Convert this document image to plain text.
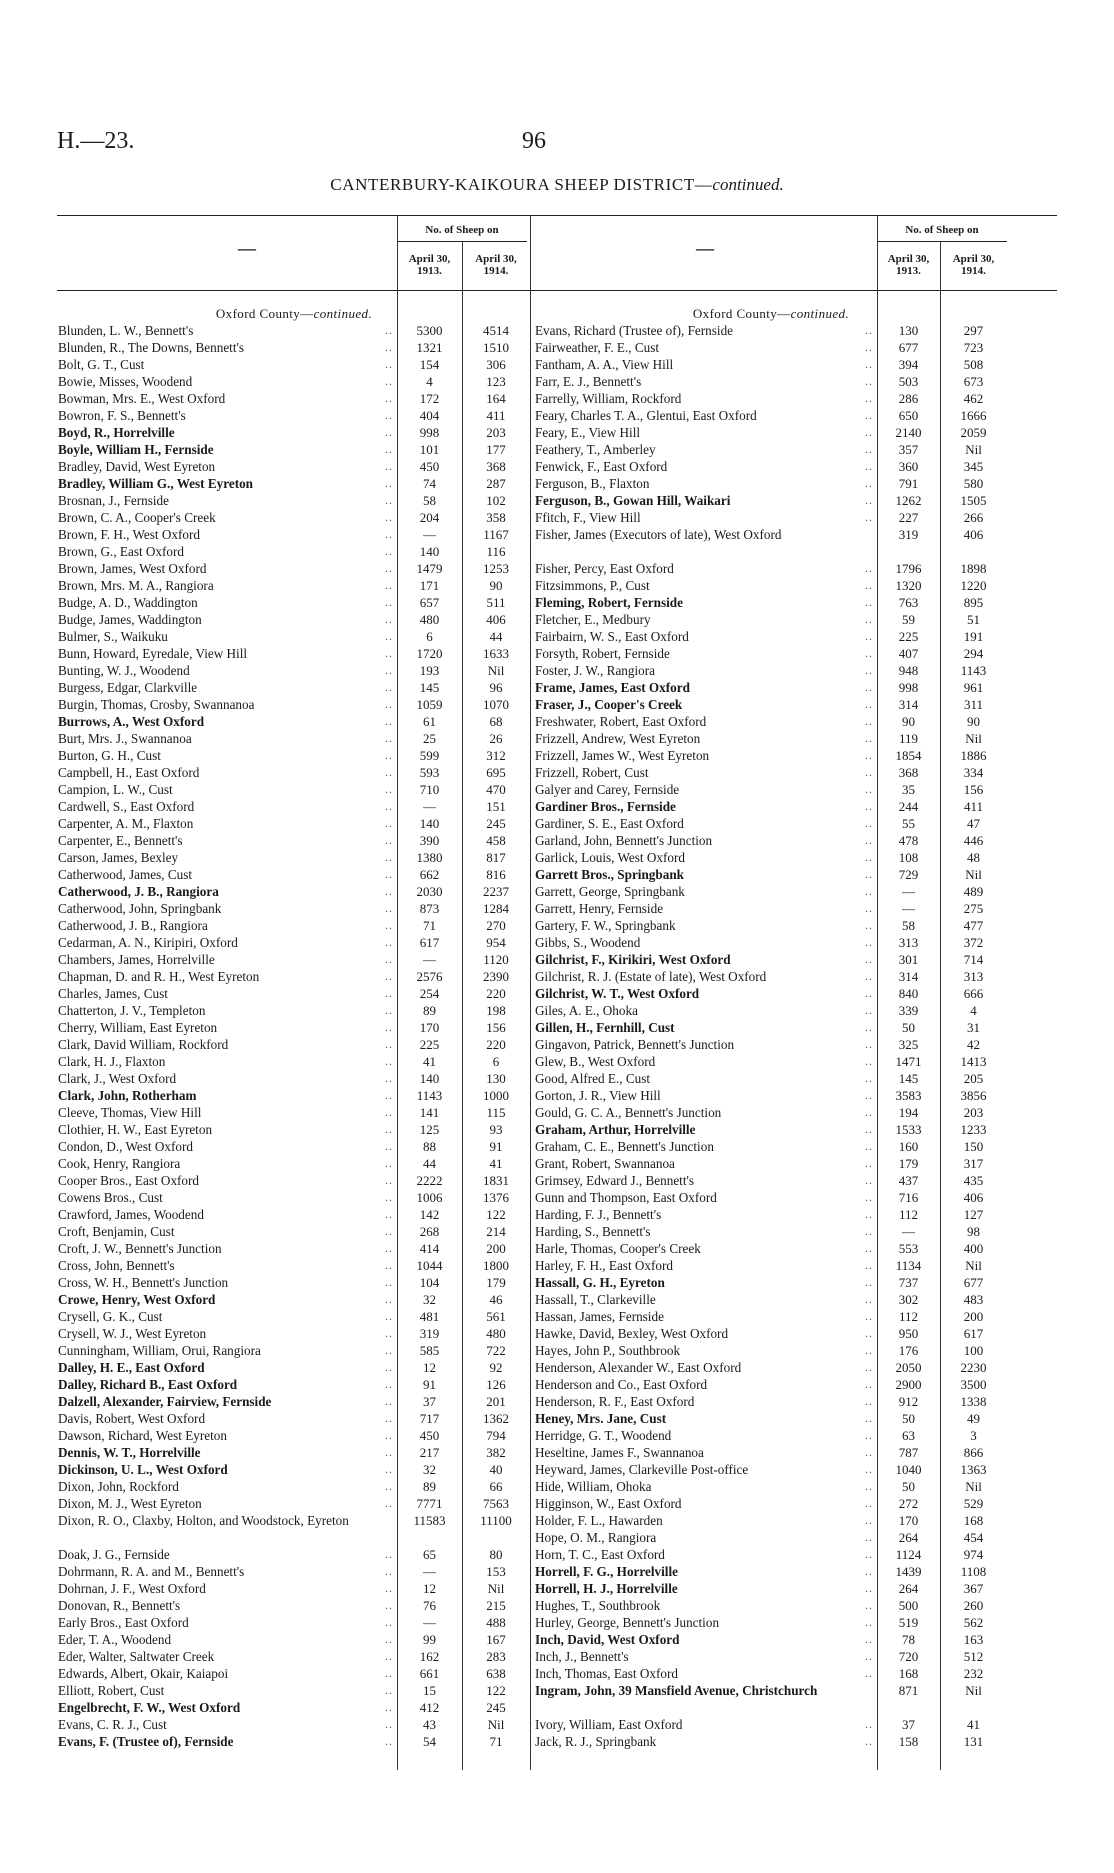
H.—23.	96
CANTERBURY-KAIKOURA SHEEP DISTRICT—continued.
—
No. of Sheep on
April 30,
1913.
April 30,
1914.
—
No. of Sheep on
April 30,
1913.
April 30,
1914.
Oxford County—continued.
Blunden, L. W., Bennett's	..	5300	4514
Blunden, R., The Downs, Bennett's	..	1321	1510
Bolt, G. T., Cust	..	154	306
Bowie, Misses, Woodend	..	4	123
Bowman, Mrs. E., West Oxford	..	172	164
Bowron, F. S., Bennett's	..	404	411
Boyd, R., Horrelville	..	998	203
Boyle, William H., Fernside	..	101	177
Bradley, David, West Eyreton	..	450	368
Bradley, William G., West Eyreton	..	74	287
Brosnan, J., Fernside	..	58	102
Brown, C. A., Cooper's Creek	..	204	358
Brown, F. H., West Oxford	..	—	1167
Brown, G., East Oxford	..	140	116
Brown, James, West Oxford	..	1479	1253
Brown, Mrs. M. A., Rangiora	..	171	90
Budge, A. D., Waddington	..	657	511
Budge, James, Waddington	..	480	406
Bulmer, S., Waikuku	..	6	44
Bunn, Howard, Eyredale, View Hill	..	1720	1633
Bunting, W. J., Woodend	..	193	Nil
Burgess, Edgar, Clarkville	..	145	96
Burgin, Thomas, Crosby, Swannanoa	..	1059	1070
Burrows, A., West Oxford	..	61	68
Burt, Mrs. J., Swannanoa	..	25	26
Burton, G. H., Cust	..	599	312
Campbell, H., East Oxford	..	593	695
Campion, L. W., Cust	..	710	470
Cardwell, S., East Oxford	..	—	151
Carpenter, A. M., Flaxton	..	140	245
Carpenter, E., Bennett's	..	390	458
Carson, James, Bexley	..	1380	817
Catherwood, James, Cust	..	662	816
Catherwood, J. B., Rangiora	..	2030	2237
Catherwood, John, Springbank	..	873	1284
Catherwood, J. B., Rangiora	..	71	270
Cedarman, A. N., Kiripiri, Oxford	..	617	954
Chambers, James, Horrelville	..	—	1120
Chapman, D. and R. H., West Eyreton	..	2576	2390
Charles, James, Cust	..	254	220
Chatterton, J. V., Templeton	..	89	198
Cherry, William, East Eyreton	..	170	156
Clark, David William, Rockford	..	225	220
Clark, H. J., Flaxton	..	41	6
Clark, J., West Oxford	..	140	130
Clark, John, Rotherham	..	1143	1000
Cleeve, Thomas, View Hill	..	141	115
Clothier, H. W., East Eyreton	..	125	93
Condon, D., West Oxford	..	88	91
Cook, Henry, Rangiora	..	44	41
Cooper Bros., East Oxford	..	2222	1831
Cowens Bros., Cust	..	1006	1376
Crawford, James, Woodend	..	142	122
Croft, Benjamin, Cust	..	268	214
Croft, J. W., Bennett's Junction	..	414	200
Cross, John, Bennett's	..	1044	1800
Cross, W. H., Bennett's Junction	..	104	179
Crowe, Henry, West Oxford	..	32	46
Crysell, G. K., Cust	..	481	561
Crysell, W. J., West Eyreton	..	319	480
Cunningham, William, Orui, Rangiora	..	585	722
Dalley, H. E., East Oxford	..	12	92
Dalley, Richard B., East Oxford	..	91	126
Dalzell, Alexander, Fairview, Fernside	..	37	201
Davis, Robert, West Oxford	..	717	1362
Dawson, Richard, West Eyreton	..	450	794
Dennis, W. T., Horrelville	..	217	382
Dickinson, U. L., West Oxford	..	32	40
Dixon, John, Rockford	..	89	66
Dixon, M. J., West Eyreton	..	7771	7563
Dixon, R. O., Claxby, Holton, and Woodstock, Eyreton	11583	11100
Doak, J. G., Fernside	..	65	80
Dohrmann, R. A. and M., Bennett's	..	—	153
Dohrnan, J. F., West Oxford	..	12	Nil
Donovan, R., Bennett's	..	76	215
Early Bros., East Oxford	..	—	488
Eder, T. A., Woodend	..	99	167
Eder, Walter, Saltwater Creek	..	162	283
Edwards, Albert, Okair, Kaiapoi	..	661	638
Elliott, Robert, Cust	..	15	122
Engelbrecht, F. W., West Oxford	..	412	245
Evans, C. R. J., Cust	..	43	Nil
Evans, F. (Trustee of), Fernside	..	54	71
Oxford County—continued.
Evans, Richard (Trustee of), Fernside	..	130	297
Fairweather, F. E., Cust	..	677	723
Fantham, A. A., View Hill	..	394	508
Farr, E. J., Bennett's	..	503	673
Farrelly, William, Rockford	..	286	462
Feary, Charles T. A., Glentui, East Oxford	..	650	1666
Feary, E., View Hill	..	2140	2059
Feathery, T., Amberley	..	357	Nil
Fenwick, F., East Oxford	..	360	345
Ferguson, B., Flaxton	..	791	580
Ferguson, B., Gowan Hill, Waikari	..	1262	1505
Ffitch, F., View Hill	..	227	266
Fisher, James (Executors of late), West Oxford	319	406
Fisher, Percy, East Oxford	..	1796	1898
Fitzsimmons, P., Cust	..	1320	1220
Fleming, Robert, Fernside	..	763	895
Fletcher, E., Medbury	..	59	51
Fairbairn, W. S., East Oxford	..	225	191
Forsyth, Robert, Fernside	..	407	294
Foster, J. W., Rangiora	..	948	1143
Frame, James, East Oxford	..	998	961
Fraser, J., Cooper's Creek	..	314	311
Freshwater, Robert, East Oxford	..	90	90
Frizzell, Andrew, West Eyreton	..	119	Nil
Frizzell, James W., West Eyreton	..	1854	1886
Frizzell, Robert, Cust	..	368	334
Galyer and Carey, Fernside	..	35	156
Gardiner Bros., Fernside	..	244	411
Gardiner, S. E., East Oxford	..	55	47
Garland, John, Bennett's Junction	..	478	446
Garlick, Louis, West Oxford	..	108	48
Garrett Bros., Springbank	..	729	Nil
Garrett, George, Springbank	..	—	489
Garrett, Henry, Fernside	..	—	275
Gartery, F. W., Springbank	..	58	477
Gibbs, S., Woodend	..	313	372
Gilchrist, F., Kirikiri, West Oxford	..	301	714
Gilchrist, R. J. (Estate of late), West Oxford	..	314	313
Gilchrist, W. T., West Oxford	..	840	666
Giles, A. E., Ohoka	..	339	4
Gillen, H., Fernhill, Cust	..	50	31
Gingavon, Patrick, Bennett's Junction	..	325	42
Glew, B., West Oxford	..	1471	1413
Good, Alfred E., Cust	..	145	205
Gorton, J. R., View Hill	..	3583	3856
Gould, G. C. A., Bennett's Junction	..	194	203
Graham, Arthur, Horrelville	..	1533	1233
Graham, C. E., Bennett's Junction	..	160	150
Grant, Robert, Swannanoa	..	179	317
Grimsey, Edward J., Bennett's	..	437	435
Gunn and Thompson, East Oxford	..	716	406
Harding, F. J., Bennett's	..	112	127
Harding, S., Bennett's	..	—	98
Harle, Thomas, Cooper's Creek	..	553	400
Harley, F. H., East Oxford	..	1134	Nil
Hassall, G. H., Eyreton	..	737	677
Hassall, T., Clarkeville	..	302	483
Hassan, James, Fernside	..	112	200
Hawke, David, Bexley, West Oxford	..	950	617
Hayes, John P., Southbrook	..	176	100
Henderson, Alexander W., East Oxford	..	2050	2230
Henderson and Co., East Oxford	..	2900	3500
Henderson, R. F., East Oxford	..	912	1338
Heney, Mrs. Jane, Cust	..	50	49
Herridge, G. T., Woodend	..	63	3
Heseltine, James F., Swannanoa	..	787	866
Heyward, James, Clarkeville Post-office	..	1040	1363
Hide, William, Ohoka	..	50	Nil
Higginson, W., East Oxford	..	272	529
Holder, F. L., Hawarden	..	170	168
Hope, O. M., Rangiora	..	264	454
Horn, T. C., East Oxford	..	1124	974
Horrell, F. G., Horrelville	..	1439	1108
Horrell, H. J., Horrelville	..	264	367
Hughes, T., Southbrook	..	500	260
Hurley, George, Bennett's Junction	..	519	562
Inch, David, West Oxford	..	78	163
Inch, J., Bennett's	..	720	512
Inch, Thomas, East Oxford	..	168	232
Ingram, John, 39 Mansfield Avenue, Christchurch	871	Nil
Ivory, William, East Oxford	..	37	41
Jack, R. J., Springbank	..	158	131
